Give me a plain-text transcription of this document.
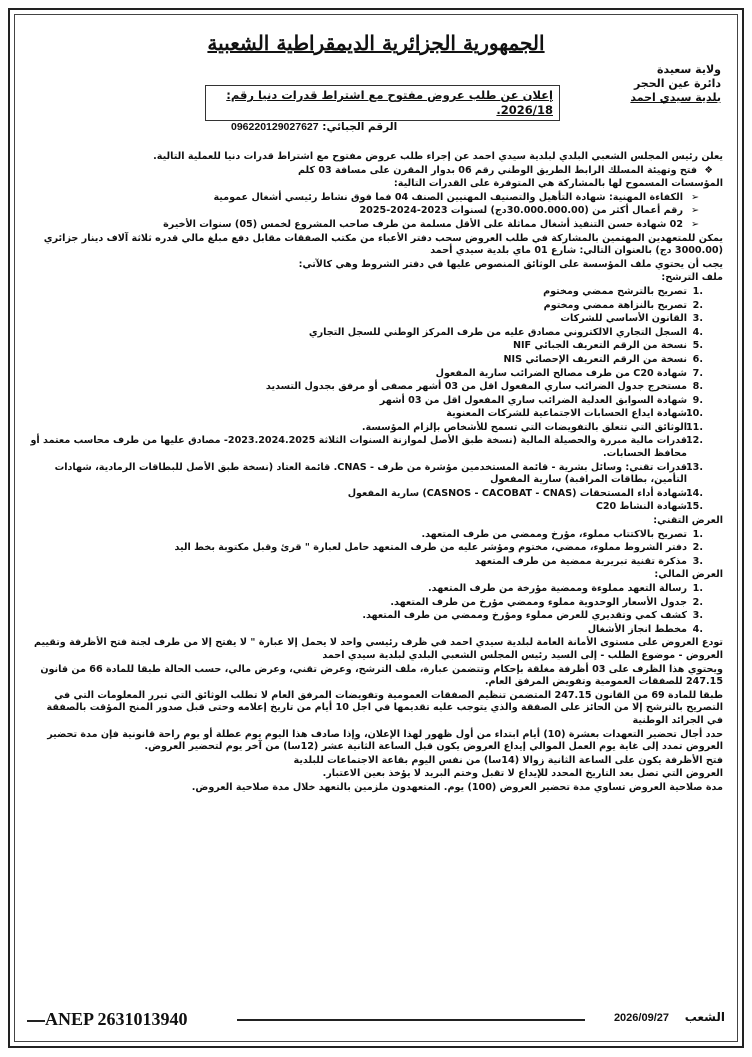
الجمهورية الجزائرية الديمقراطية الشعبية
ولاية سعيدة
دائرة عين الحجر
بلدية سيدي احمد
إعلان عن طلب عروض مفتوح مع اشتراط قدرات دنيا رقم: 2026/18.
الرقم الجبائي: 096220129027627

يعلن رئيس المجلس الشعبي البلدي لبلدية سيدي احمد عن إجراء طلب عروض مفتوح مع اشتراط قدرات دنيا للعملية التالية.

❖
فتح وتهيئة المسلك الرابط الطريق الوطني رقم 06 بدوار المقرن على مسافة 03 كلم

المؤسسات المسموح لها بالمشاركة هي المتوفرة على القدرات التالية:

➢
الكفاءة المهنية: شهادة التأهيل والتصنيف المهنيين الصنف 04 فما فوق نشاط رئيسي أشغال عمومية

➢
رقم أعمال أكثر من (30.000.000.00دج) لسنوات 2023-2024-2025

➢
02 شهادة حسن التنفيذ أشغال مماثلة على الأقل مسلمة من طرف صاحب المشروع لخمس (05) سنوات الأخيرة

يمكن للمتعهدين المهتمين بالمشاركة في طلب العروض سحب دفتر الأعباء من مكتب الصفقات مقابل دفع مبلغ مالي قدره ثلاثة آلاف دينار جزائري (3000.00 دج) بالعنوان التالي: شارع 01 ماي بلدية سيدي أحمد

يجب أن يحتوي ملف المؤسسة على الوثائق المنصوص عليها في دفتر الشروط وهي كالآتي:

ملف الترشح:

.1
تصريح بالترشح ممضي ومختوم

.2
تصريح بالنزاهة ممضي ومختوم

.3
القانون الأساسي للشركات

.4
السجل التجاري الالكتروني مصادق عليه من طرف المركز الوطني للسجل التجاري

.5
نسخة من الرقم التعريف الجبائي NIF

.6
نسخة من الرقم التعريف الإحصائي NIS

.7
شهادة C20 من طرف مصالح الضرائب سارية المفعول

.8
مستخرج جدول الضرائب ساري المفعول اقل من 03 أشهر مصفى أو مرفق بجدول التسديد

.9
شهادة السوابق العدلية الضرائب ساري المفعول اقل من 03 أشهر

.10
شهادة ايداع الحسابات الاجتماعية للشركات المعنوية

.11
الوثائق التي تتعلق بالتفويضات التي تسمح للأشخاص بإلزام المؤسسة.

.12
قدرات مالية مبررة والحصيلة المالية (نسخة طبق الأصل لموازنة السنوات الثلاثة 2023.2024.2025- مصادق عليها من طرف محاسب معتمد أو محافظ الحسابات.

.13
قدرات تقني: وسائل بشرية - قائمة المستخدمين مؤشرة من طرف - CNAS. قائمة العتاد (نسخة طبق الأصل للبطاقات الرمادية، شهادات التأمين، بطاقات المراقبة) سارية المفعول

.14
شهادة أداء المستحقات (CASNOS - CACOBAT - CNAS) سارية المفعول

.15
شهادة النشاط C20

العرض التقني:

.1
تصريح بالاكتتاب مملوء، مؤرخ وممضي من طرف المتعهد.

.2
دفتر الشروط مملوء، ممضي، مختوم ومؤشر عليه من طرف المتعهد حامل لعبارة " قرئ وقبل مكتوبة بخط اليد

.3
مذكرة تقنية تبريرية ممضية من طرف المتعهد

العرض المالي:

.1
رسالة التعهد مملوءة وممضية مؤرخة من طرف المتعهد.

.2
جدول الأسعار الوحدوية مملوء وممضي مؤرخ من طرف المتعهد.

.3
كشف كمي وتقديري للعرض مملوء ومؤرخ وممضي من طرف المتعهد.

.4
مخطط انجاز الأشغال

تودع العروض على مستوى الأمانة العامة لبلدية سيدي احمد في ظرف رئيسي واحد لا يحمل إلا عبارة " لا يفتح إلا من طرف لجنة فتح الأظرفة وتقييم العروض - موضوع الطلب - إلى السيد رئيس المجلس الشعبي البلدي لبلدية سيدي احمد

ويحتوي هذا الظرف على 03 أظرفة مغلقة بإحكام وتتضمن عبارة، ملف الترشح، وعرض تقني، وعرض مالي، حسب الحالة طبقا للمادة 66 من قانون 247.15 للصفقات العمومية وتفويض المرفق العام.

طبقا للمادة 69 من القانون 247.15 المتضمن تنظيم الصفقات العمومية وتفويضات المرفق العام لا تطلب الوثائق التي تبرر المعلومات التي في التصريح بالترشح إلا من الحائز على الصفقة والذي يتوجب عليه تقديمها في اجل 10 أيام من تاريخ إعلامه وحتى قبل صدور المنح المؤقت بالصفقة في الجرائد الوطنية

حدد أجال تحضير التعهدات بعشرة (10) أيام ابتداء من أول ظهور لهذا الإعلان، وإذا صادف هذا اليوم يوم عطلة أو يوم راحة قانونية فإن مدة تحضير العروض تمدد إلى غاية يوم العمل الموالي إيداع العروض يكون قبل الساعة الثانية عشر (12سا) من آخر يوم لتحضير العروض.

فتح الأظرفة يكون على الساعة الثانية زوالا (14سا) من نفس اليوم بقاعة الاجتماعات للبلدية

العروض التي تصل بعد التاريخ المحدد للإيداع لا تقبل وختم البريد لا يؤخذ بعين الاعتبار.

مدة صلاحية العروض تساوي مدة تحضير العروض (100) يوم. المتعهدون ملزمين بالتعهد خلال مدة صلاحية العروض.

ANEP 2631013940	2026/09/27 الشعب
